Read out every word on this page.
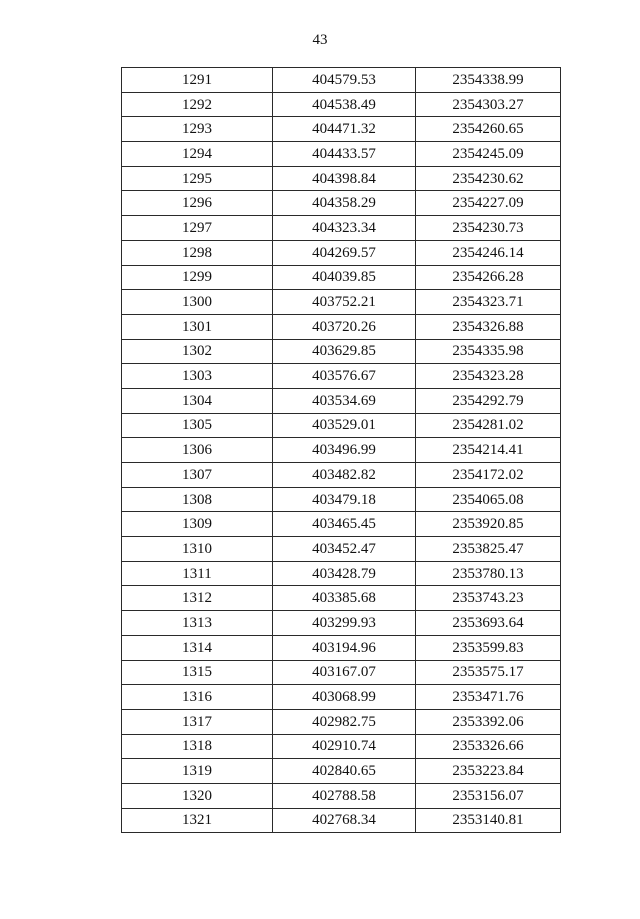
43
1291	404579.53	2354338.99
1292	404538.49	2354303.27
1293	404471.32	2354260.65
1294	404433.57	2354245.09
1295	404398.84	2354230.62
1296	404358.29	2354227.09
1297	404323.34	2354230.73
1298	404269.57	2354246.14
1299	404039.85	2354266.28
1300	403752.21	2354323.71
1301	403720.26	2354326.88
1302	403629.85	2354335.98
1303	403576.67	2354323.28
1304	403534.69	2354292.79
1305	403529.01	2354281.02
1306	403496.99	2354214.41
1307	403482.82	2354172.02
1308	403479.18	2354065.08
1309	403465.45	2353920.85
1310	403452.47	2353825.47
1311	403428.79	2353780.13
1312	403385.68	2353743.23
1313	403299.93	2353693.64
1314	403194.96	2353599.83
1315	403167.07	2353575.17
1316	403068.99	2353471.76
1317	402982.75	2353392.06
1318	402910.74	2353326.66
1319	402840.65	2353223.84
1320	402788.58	2353156.07
1321	402768.34	2353140.81
